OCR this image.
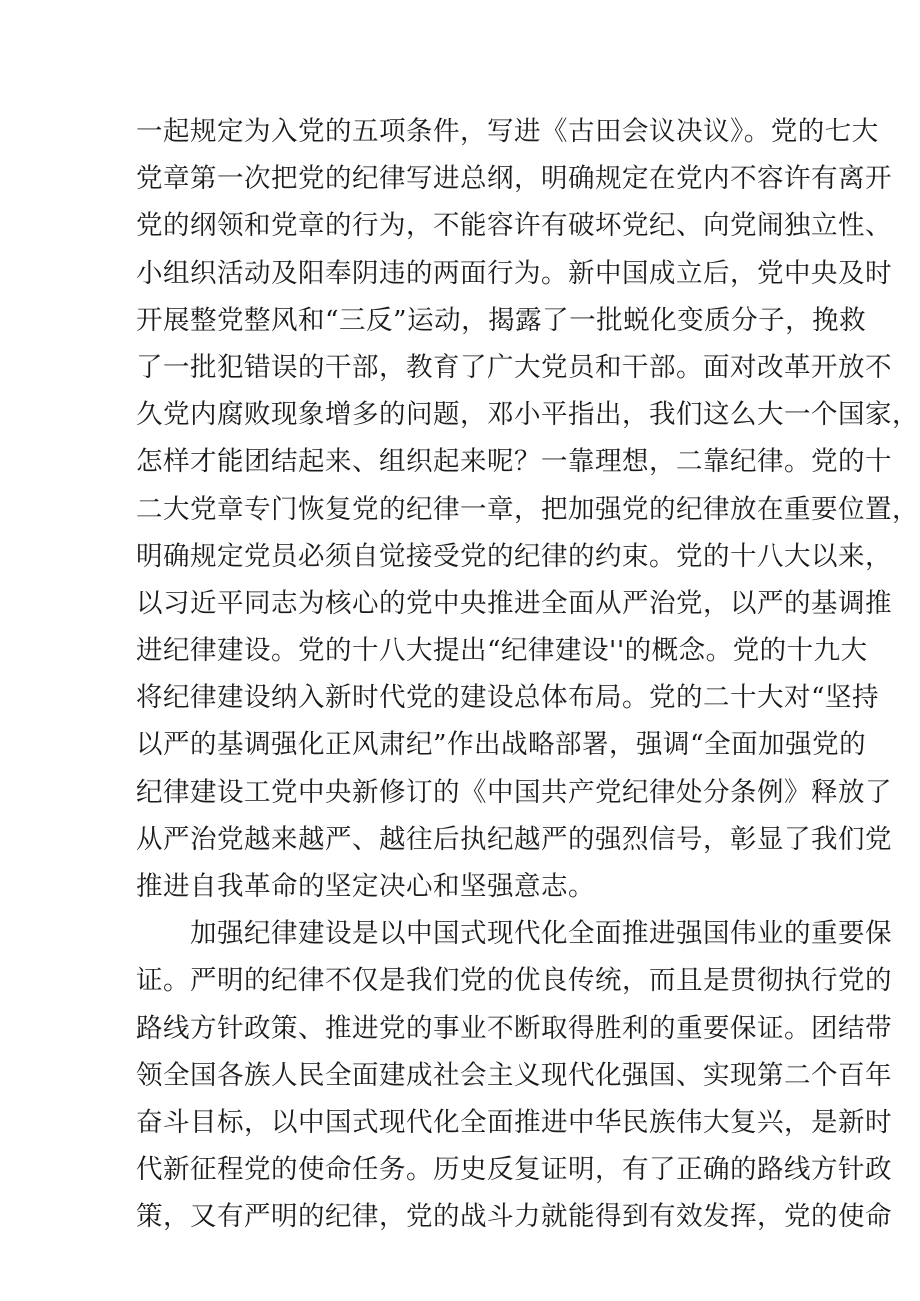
一起规定为入党的五项条件，写进《古田会议决议》。党的七大
党章第一次把党的纪律写进总纲，明确规定在党内不容许有离开
党的纲领和党章的行为，不能容许有破坏党纪、向党闹独立性、
小组织活动及阳奉阴违的两面行为。新中国成立后，党中央及时
开展整党整风和“三反”运动，揭露了一批蜕化变质分子，挽救
了一批犯错误的干部，教育了广大党员和干部。面对改革开放不
久党内腐败现象增多的问题，邓小平指出，我们这么大一个国家，
怎样才能团结起来、组织起来呢？一靠理想，二靠纪律。党的十
二大党章专门恢复党的纪律一章，把加强党的纪律放在重要位置，
明确规定党员必须自觉接受党的纪律的约束。党的十八大以来，
以习近平同志为核心的党中央推进全面从严治党，以严的基调推
进纪律建设。党的十八大提出“纪律建设''的概念。党的十九大
将纪律建设纳入新时代党的建设总体布局。党的二十大对“坚持
以严的基调强化正风肃纪”作出战略部署，强调“全面加强党的
纪律建设工党中央新修订的《中国共产党纪律处分条例》释放了
从严治党越来越严、越往后执纪越严的强烈信号，彰显了我们党
推进自我革命的坚定决心和坚强意志。
加强纪律建设是以中国式现代化全面推进强国伟业的重要保
证。严明的纪律不仅是我们党的优良传统，而且是贯彻执行党的
路线方针政策、推进党的事业不断取得胜利的重要保证。团结带
领全国各族人民全面建成社会主义现代化强国、实现第二个百年
奋斗目标，以中国式现代化全面推进中华民族伟大复兴，是新时
代新征程党的使命任务。历史反复证明，有了正确的路线方针政
策，又有严明的纪律，党的战斗力就能得到有效发挥，党的使命
